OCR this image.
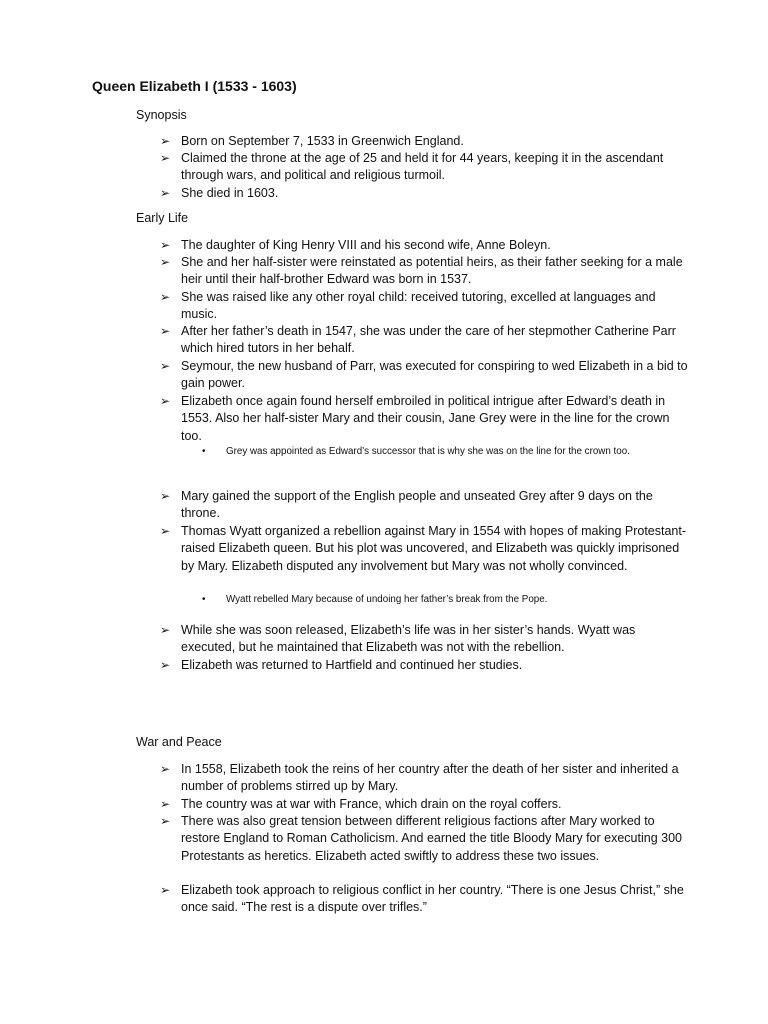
Queen Elizabeth I (1533 - 1603)
Synopsis
➢ Born on September 7, 1533 in Greenwich England.
➢ Claimed the throne at the age of 25 and held it for 44 years, keeping it in the ascendant through wars, and political and religious turmoil.
➢ She died in 1603.
Early Life
➢ The daughter of King Henry VIII and his second wife, Anne Boleyn.
➢ She and her half-sister were reinstated as potential heirs, as their father seeking for a male heir until their half-brother Edward was born in 1537.
➢ She was raised like any other royal child: received tutoring, excelled at languages and music.
➢ After her father’s death in 1547, she was under the care of her stepmother Catherine Parr which hired tutors in her behalf.
➢ Seymour, the new husband of Parr, was executed for conspiring to wed Elizabeth in a bid to gain power.
➢ Elizabeth once again found herself embroiled in political intrigue after Edward’s death in 1553. Also her half-sister Mary and their cousin, Jane Grey were in the line for the crown too.
• Grey was appointed as Edward’s successor that is why she was on the line for the crown too.
➢ Mary gained the support of the English people and unseated Grey after 9 days on the throne.
➢ Thomas Wyatt organized a rebellion against Mary in 1554 with hopes of making Protestant-raised Elizabeth queen. But his plot was uncovered, and Elizabeth was quickly imprisoned by Mary. Elizabeth disputed any involvement but Mary was not wholly convinced.
• Wyatt rebelled Mary because of undoing her father’s break from the Pope.
➢ While she was soon released, Elizabeth’s life was in her sister’s hands. Wyatt was executed, but he maintained that Elizabeth was not with the rebellion.
➢ Elizabeth was returned to Hartfield and continued her studies.
War and Peace
➢ In 1558, Elizabeth took the reins of her country after the death of her sister and inherited a number of problems stirred up by Mary.
➢ The country was at war with France, which drain on the royal coffers.
➢ There was also great tension between different religious factions after Mary worked to restore England to Roman Catholicism. And earned the title Bloody Mary for executing 300 Protestants as heretics. Elizabeth acted swiftly to address these two issues.
➢ Elizabeth took approach to religious conflict in her country. “There is one Jesus Christ,” she once said. “The rest is a dispute over trifles.”
